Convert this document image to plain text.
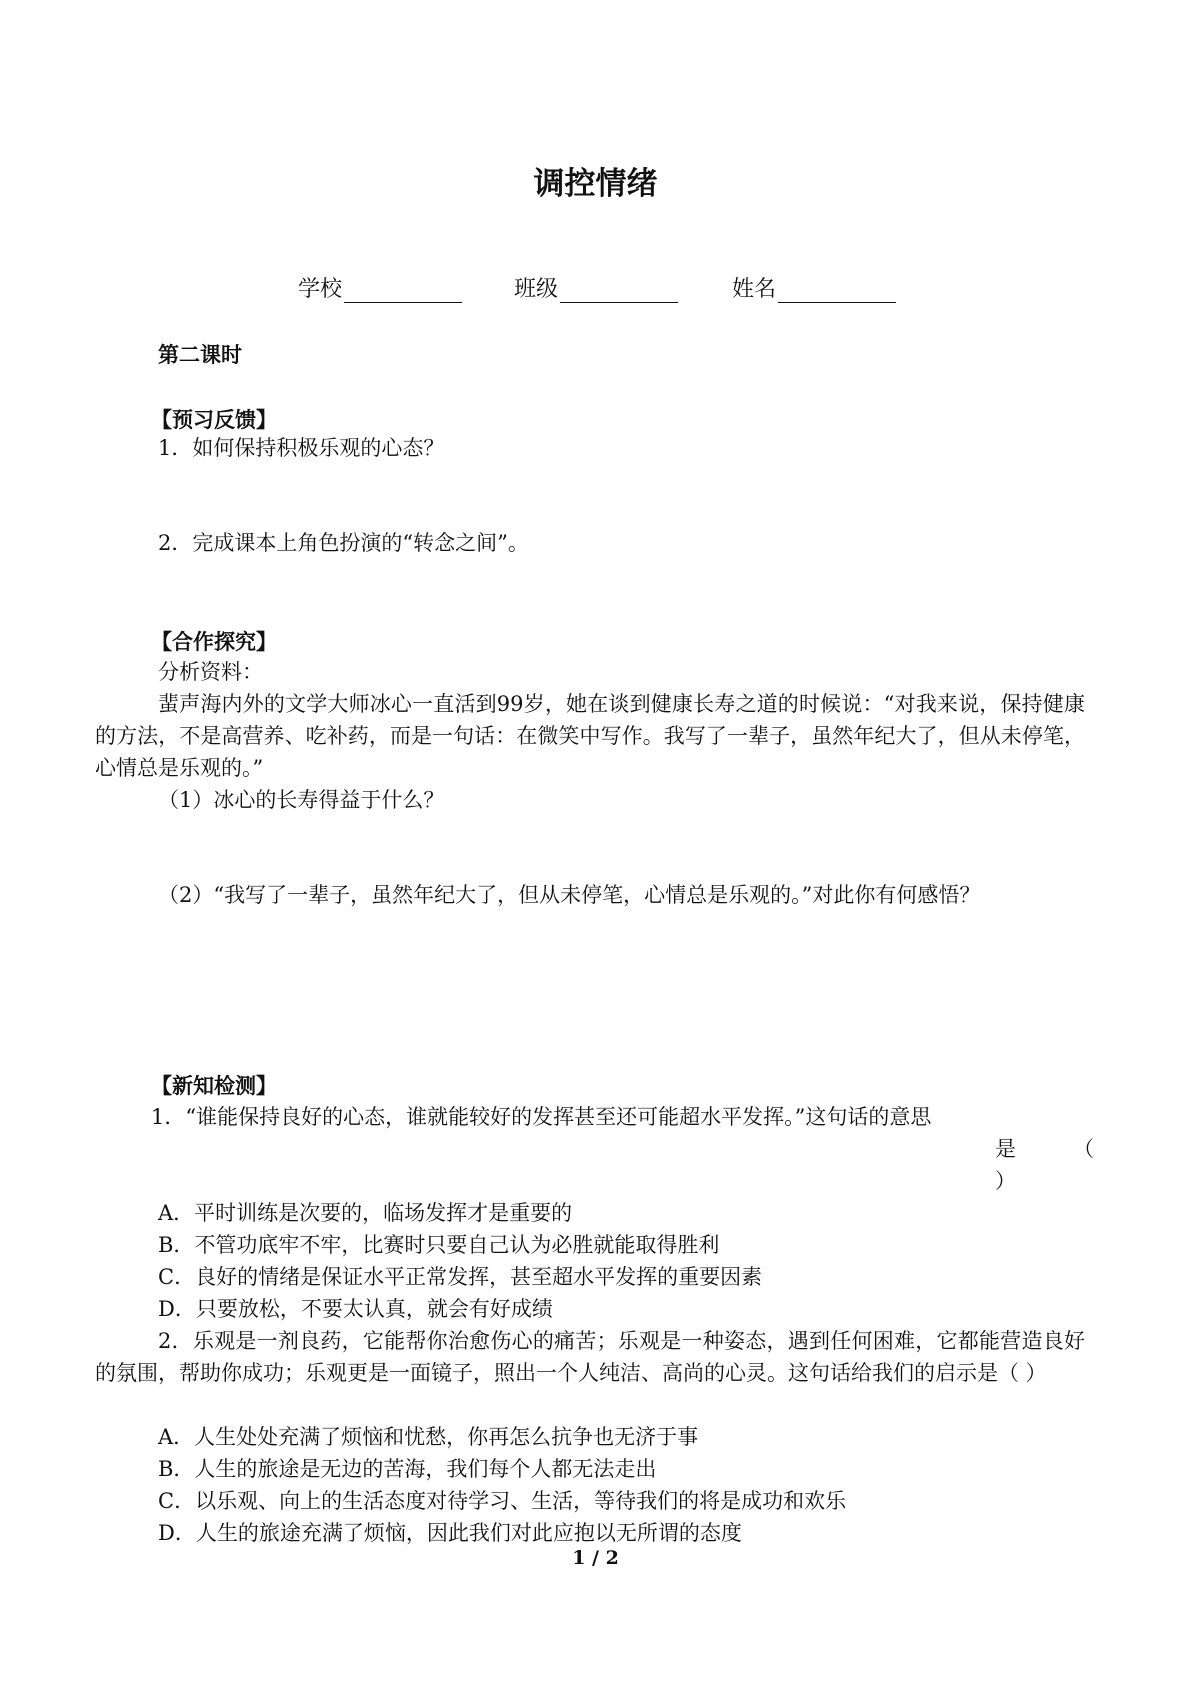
调控情绪
学校	班级	姓名
第二课时
【预习反馈】
1．如何保持积极乐观的心态？
2．完成课本上角色扮演的“转念之间”。
【合作探究】
分析资料：
蜚声海内外的文学大师冰心一直活到99岁，她在谈到健康长寿之道的时候说：“对我来说，保持健康的方法，不是高营养、吃补药，而是一句话：在微笑中写作。我写了一辈子，虽然年纪大了，但从未停笔，心情总是乐观的。”
（1）冰心的长寿得益于什么？
（2）“我写了一辈子，虽然年纪大了，但从未停笔，心情总是乐观的。”对此你有何感悟？
【新知检测】
1．“谁能保持良好的心态，谁就能较好的发挥甚至还可能超水平发挥。”这句话的意思
是	（
）
A．平时训练是次要的，临场发挥才是重要的
B．不管功底牢不牢，比赛时只要自己认为必胜就能取得胜利
C．良好的情绪是保证水平正常发挥，甚至超水平发挥的重要因素
D．只要放松，不要太认真，就会有好成绩
2．乐观是一剂良药，它能帮你治愈伤心的痛苦；乐观是一种姿态，遇到任何困难，它都能营造良好的氛围，帮助你成功；乐观更是一面镜子，照出一个人纯洁、高尚的心灵。这句话给我们的启示是（ ）
A．人生处处充满了烦恼和忧愁，你再怎么抗争也无济于事
B．人生的旅途是无边的苦海，我们每个人都无法走出
C．以乐观、向上的生活态度对待学习、生活，等待我们的将是成功和欢乐
D．人生的旅途充满了烦恼，因此我们对此应抱以无所谓的态度
1 / 2
